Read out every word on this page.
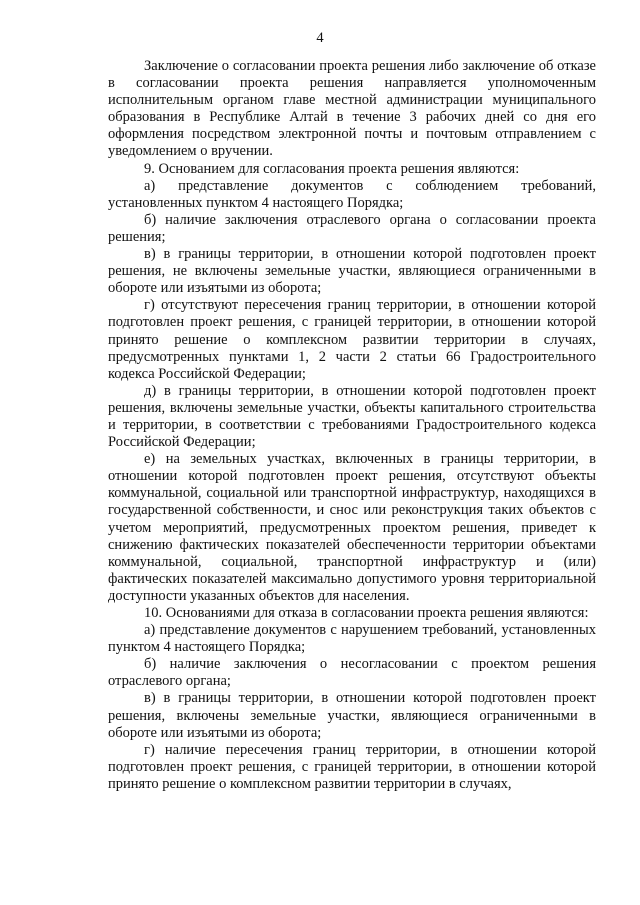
4

Заключение о согласовании проекта решения либо заключение об отказе в согласовании проекта решения направляется уполномоченным исполнительным органом главе местной администрации муниципального образования в Республике Алтай в течение 3 рабочих дней со дня его оформления посредством электронной почты и почтовым отправлением с уведомлением о вручении.

9. Основанием для согласования проекта решения являются:

а) представление документов с соблюдением требований, установленных пунктом 4 настоящего Порядка;

б) наличие заключения отраслевого органа о согласовании проекта решения;

в) в границы территории, в отношении которой подготовлен проект решения, не включены земельные участки, являющиеся ограниченными в обороте или изъятыми из оборота;

г) отсутствуют пересечения границ территории, в отношении которой подготовлен проект решения, с границей территории, в отношении которой принято решение о комплексном развитии территории в случаях, предусмотренных пунктами 1, 2 части 2 статьи 66 Градостроительного кодекса Российской Федерации;

д) в границы территории, в отношении которой подготовлен проект решения, включены земельные участки, объекты капитального строительства и территории, в соответствии с требованиями Градостроительного кодекса Российской Федерации;

е) на земельных участках, включенных в границы территории, в отношении которой подготовлен проект решения, отсутствуют объекты коммунальной, социальной или транспортной инфраструктур, находящихся в государственной собственности, и снос или реконструкция таких объектов с учетом мероприятий, предусмотренных проектом решения, приведет к снижению фактических показателей обеспеченности территории объектами коммунальной, социальной, транспортной инфраструктур и (или) фактических показателей максимально допустимого уровня территориальной доступности указанных объектов для населения.

10. Основаниями для отказа в согласовании проекта решения являются:

а) представление документов с нарушением требований, установленных пунктом 4 настоящего Порядка;

б) наличие заключения о несогласовании с проектом решения отраслевого органа;

в) в границы территории, в отношении которой подготовлен проект решения, включены земельные участки, являющиеся ограниченными в обороте или изъятыми из оборота;

г) наличие пересечения границ территории, в отношении которой подготовлен проект решения, с границей территории, в отношении которой принято решение о комплексном развитии территории в случаях,
